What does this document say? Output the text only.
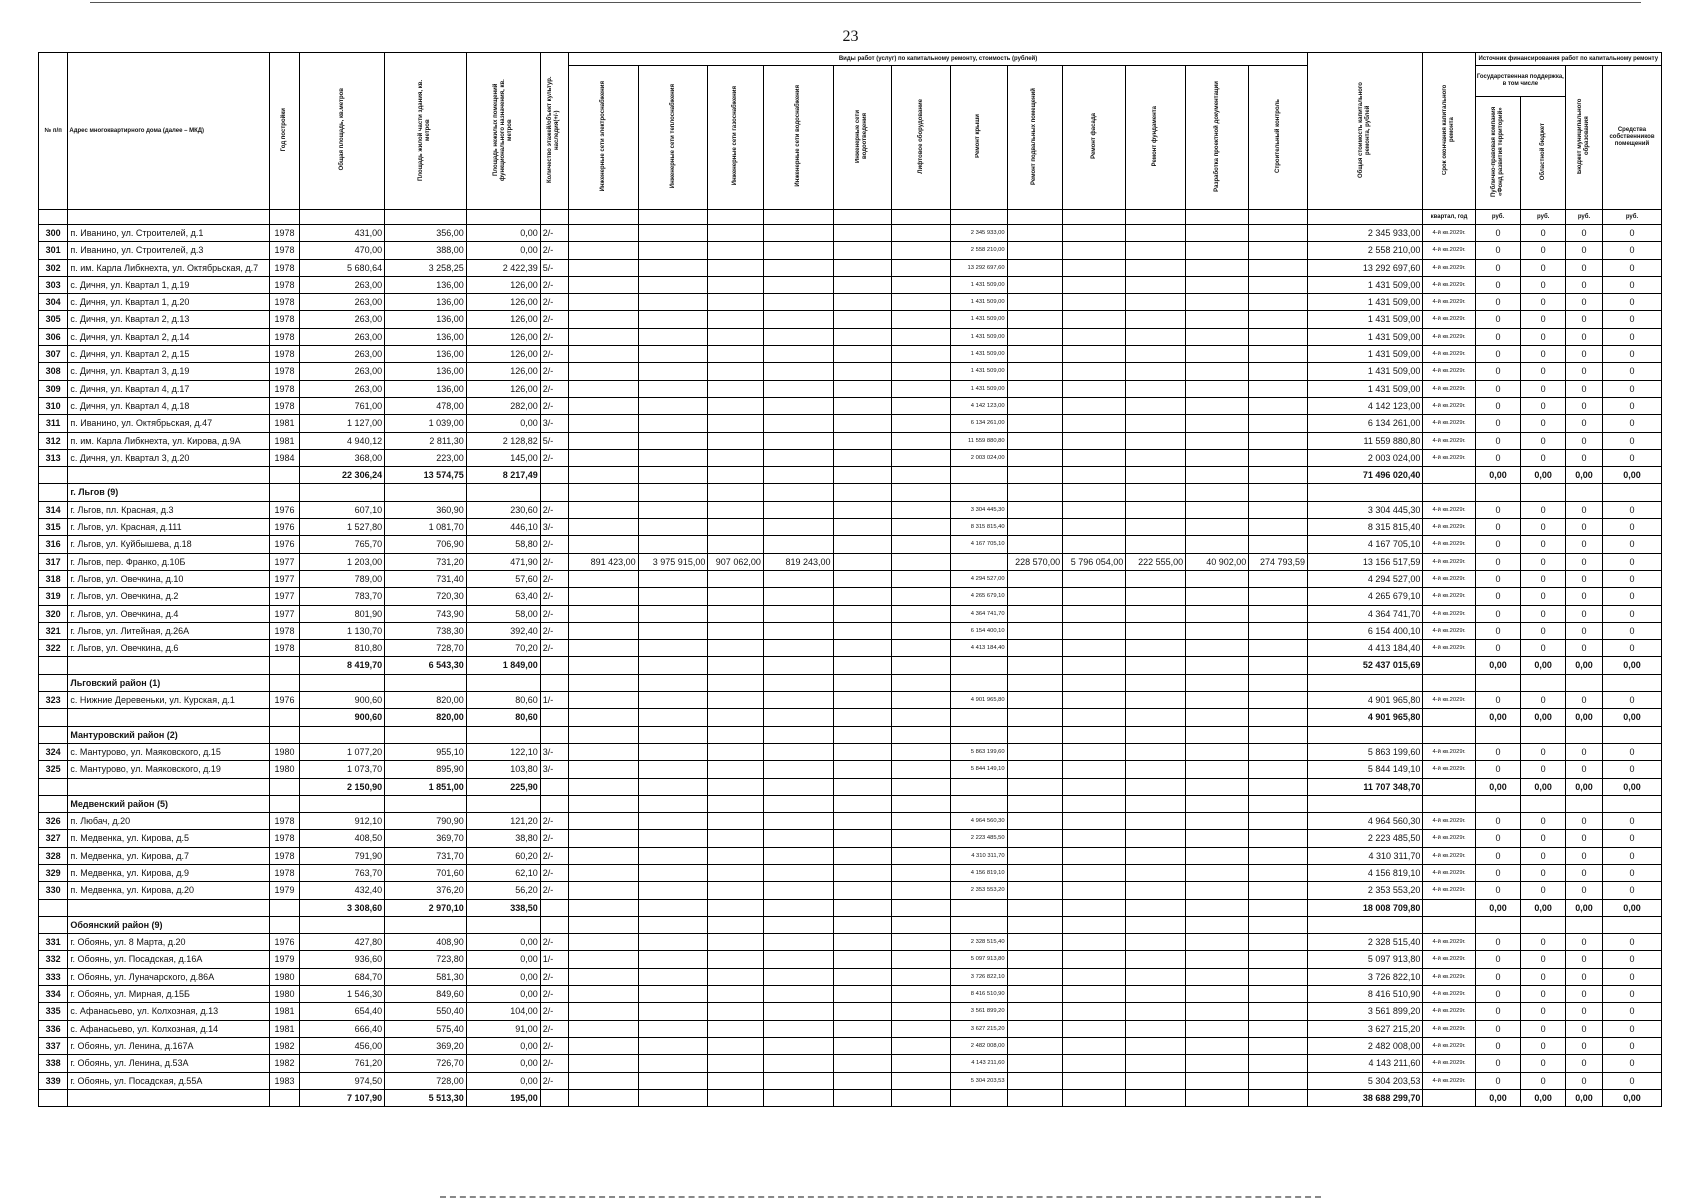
23
№ п/п	Адрес многоквартирного дома (далее – МКД)	Год постройки	Общая площадь, кв.метров	Площадь жилой части здания, кв. метров	Площадь нежилых помещений функционального назначения, кв. метров	Количество этажей/объект культур. наследия(+/-)	Виды работ (услуг) по капитальному ремонту, стоимость (рублей)												Общая стоимость капитального ремонта, рублей	Срок окончания капитального ремонта	Источник финансирования работ по капитальному ремонту			
							Инженерные сети электроснабжения	Инженерные сети теплоснабжения	Инженерные сети газоснабжения	Инженерные сети водоснабжения	Инженерные сети водоотведения	Лифтовое оборудование	Ремонт крыши	Ремонт подвальных помещений	Ремонт фасада	Ремонт фундамента	Разработка проектной документации	Строительный контроль			Государственная поддержка, в том числе		Бюджет муниципального образования	Средства собственников помещений
																					Публично-правовая компания «Фонд развития территорий»	Областной бюджет		
																				квартал, год	руб.	руб.	руб.	руб.
300	п. Иванино, ул. Строителей, д.1	1978	431,00	356,00	0,00	2/-							2 345 933,00						2 345 933,00	4-й кв.2029г.	0	0	0	0
301	п. Иванино, ул. Строителей, д.3	1978	470,00	388,00	0,00	2/-							2 558 210,00						2 558 210,00	4-й кв.2029г.	0	0	0	0
302	п. им. Карла Либкнехта, ул. Октябрьская, д.7	1978	5 680,64	3 258,25	2 422,39	5/-							13 292 697,60						13 292 697,60	4-й кв.2029г.	0	0	0	0
303	с. Дичня, ул. Квартал 1, д.19	1978	263,00	136,00	126,00	2/-							1 431 509,00						1 431 509,00	4-й кв.2029г.	0	0	0	0
304	с. Дичня, ул. Квартал 1, д.20	1978	263,00	136,00	126,00	2/-							1 431 509,00						1 431 509,00	4-й кв.2029г.	0	0	0	0
305	с. Дичня, ул. Квартал 2, д.13	1978	263,00	136,00	126,00	2/-							1 431 509,00						1 431 509,00	4-й кв.2029г.	0	0	0	0
306	с. Дичня, ул. Квартал 2, д.14	1978	263,00	136,00	126,00	2/-							1 431 509,00						1 431 509,00	4-й кв.2029г.	0	0	0	0
307	с. Дичня, ул. Квартал 2, д.15	1978	263,00	136,00	126,00	2/-							1 431 509,00						1 431 509,00	4-й кв.2029г.	0	0	0	0
308	с. Дичня, ул. Квартал 3, д.19	1978	263,00	136,00	126,00	2/-							1 431 509,00						1 431 509,00	4-й кв.2029г.	0	0	0	0
309	с. Дичня, ул. Квартал 4, д.17	1978	263,00	136,00	126,00	2/-							1 431 509,00						1 431 509,00	4-й кв.2029г.	0	0	0	0
310	с. Дичня, ул. Квартал 4, д.18	1978	761,00	478,00	282,00	2/-							4 142 123,00						4 142 123,00	4-й кв.2029г.	0	0	0	0
311	п. Иванино, ул. Октябрьская, д.47	1981	1 127,00	1 039,00	0,00	3/-							6 134 261,00						6 134 261,00	4-й кв.2029г.	0	0	0	0
312	п. им. Карла Либкнехта, ул. Кирова, д.9А	1981	4 940,12	2 811,30	2 128,82	5/-							11 559 880,80						11 559 880,80	4-й кв.2029г.	0	0	0	0
313	с. Дичня, ул. Квартал 3, д.20	1984	368,00	223,00	145,00	2/-							2 003 024,00						2 003 024,00	4-й кв.2029г.	0	0	0	0
			22 306,24	13 574,75	8 217,49														71 496 020,40		0,00	0,00	0,00	0,00
	г. Льгов (9)																							
314	г. Льгов, пл. Красная, д.3	1976	607,10	360,90	230,60	2/-							3 304 445,30						3 304 445,30	4-й кв.2029г.	0	0	0	0
315	г. Льгов, ул. Красная, д.111	1976	1 527,80	1 081,70	446,10	3/-							8 315 815,40						8 315 815,40	4-й кв.2029г.	0	0	0	0
316	г. Льгов, ул. Куйбышева, д.18	1976	765,70	706,90	58,80	2/-							4 167 705,10						4 167 705,10	4-й кв.2029г.	0	0	0	0
317	г. Льгов, пер. Франко, д.10Б	1977	1 203,00	731,20	471,90	2/-	891 423,00	3 975 915,00	907 062,00	819 243,00				228 570,00	5 796 054,00	222 555,00	40 902,00	274 793,59	13 156 517,59	4-й кв.2029г.	0	0	0	0
318	г. Льгов, ул. Овечкина, д.10	1977	789,00	731,40	57,60	2/-							4 294 527,00						4 294 527,00	4-й кв.2029г.	0	0	0	0
319	г. Льгов, ул. Овечкина, д.2	1977	783,70	720,30	63,40	2/-							4 265 679,10						4 265 679,10	4-й кв.2029г.	0	0	0	0
320	г. Льгов, ул. Овечкина, д.4	1977	801,90	743,90	58,00	2/-							4 364 741,70						4 364 741,70	4-й кв.2029г.	0	0	0	0
321	г. Льгов, ул. Литейная, д.26А	1978	1 130,70	738,30	392,40	2/-							6 154 400,10						6 154 400,10	4-й кв.2029г.	0	0	0	0
322	г. Льгов, ул. Овечкина, д.6	1978	810,80	728,70	70,20	2/-							4 413 184,40						4 413 184,40	4-й кв.2029г.	0	0	0	0
			8 419,70	6 543,30	1 849,00														52 437 015,69		0,00	0,00	0,00	0,00
	Льговский район (1)																							
323	с. Нижние Деревеньки, ул. Курская, д.1	1976	900,60	820,00	80,60	1/-							4 901 965,80						4 901 965,80	4-й кв.2029г.	0	0	0	0
			900,60	820,00	80,60														4 901 965,80		0,00	0,00	0,00	0,00
	Мантуровский район (2)																							
324	с. Мантурово, ул. Маяковского, д.15	1980	1 077,20	955,10	122,10	3/-							5 863 199,60						5 863 199,60	4-й кв.2029г.	0	0	0	0
325	с. Мантурово, ул. Маяковского, д.19	1980	1 073,70	895,90	103,80	3/-							5 844 149,10						5 844 149,10	4-й кв.2029г.	0	0	0	0
			2 150,90	1 851,00	225,90														11 707 348,70		0,00	0,00	0,00	0,00
	Медвенский район (5)																							
326	п. Любач, д.20	1978	912,10	790,90	121,20	2/-							4 964 560,30						4 964 560,30	4-й кв.2029г.	0	0	0	0
327	п. Медвенка, ул. Кирова, д.5	1978	408,50	369,70	38,80	2/-							2 223 485,50						2 223 485,50	4-й кв.2029г.	0	0	0	0
328	п. Медвенка, ул. Кирова, д.7	1978	791,90	731,70	60,20	2/-							4 310 311,70						4 310 311,70	4-й кв.2029г.	0	0	0	0
329	п. Медвенка, ул. Кирова, д.9	1978	763,70	701,60	62,10	2/-							4 156 819,10						4 156 819,10	4-й кв.2029г.	0	0	0	0
330	п. Медвенка, ул. Кирова, д.20	1979	432,40	376,20	56,20	2/-							2 353 553,20						2 353 553,20	4-й кв.2029г.	0	0	0	0
			3 308,60	2 970,10	338,50														18 008 709,80		0,00	0,00	0,00	0,00
	Обоянский район (9)																							
331	г. Обоянь, ул. 8 Марта, д.20	1976	427,80	408,90	0,00	2/-							2 328 515,40						2 328 515,40	4-й кв.2029г.	0	0	0	0
332	г. Обоянь, ул. Посадская, д.16А	1979	936,60	723,80	0,00	1/-							5 097 913,80						5 097 913,80	4-й кв.2029г.	0	0	0	0
333	г. Обоянь, ул. Луначарского, д.86А	1980	684,70	581,30	0,00	2/-							3 726 822,10						3 726 822,10	4-й кв.2029г.	0	0	0	0
334	г. Обоянь, ул. Мирная, д.15Б	1980	1 546,30	849,60	0,00	2/-							8 416 510,90						8 416 510,90	4-й кв.2029г.	0	0	0	0
335	с. Афанасьево, ул. Колхозная, д.13	1981	654,40	550,40	104,00	2/-							3 561 899,20						3 561 899,20	4-й кв.2029г.	0	0	0	0
336	с. Афанасьево, ул. Колхозная, д.14	1981	666,40	575,40	91,00	2/-							3 627 215,20						3 627 215,20	4-й кв.2029г.	0	0	0	0
337	г. Обоянь, ул. Ленина, д.167А	1982	456,00	369,20	0,00	2/-							2 482 008,00						2 482 008,00	4-й кв.2029г.	0	0	0	0
338	г. Обоянь, ул. Ленина, д.53А	1982	761,20	726,70	0,00	2/-							4 143 211,60						4 143 211,60	4-й кв.2029г.	0	0	0	0
339	г. Обоянь, ул. Посадская, д.55А	1983	974,50	728,00	0,00	2/-							5 304 203,53						5 304 203,53	4-й кв.2029г.	0	0	0	0
			7 107,90	5 513,30	195,00														38 688 299,70		0,00	0,00	0,00	0,00
